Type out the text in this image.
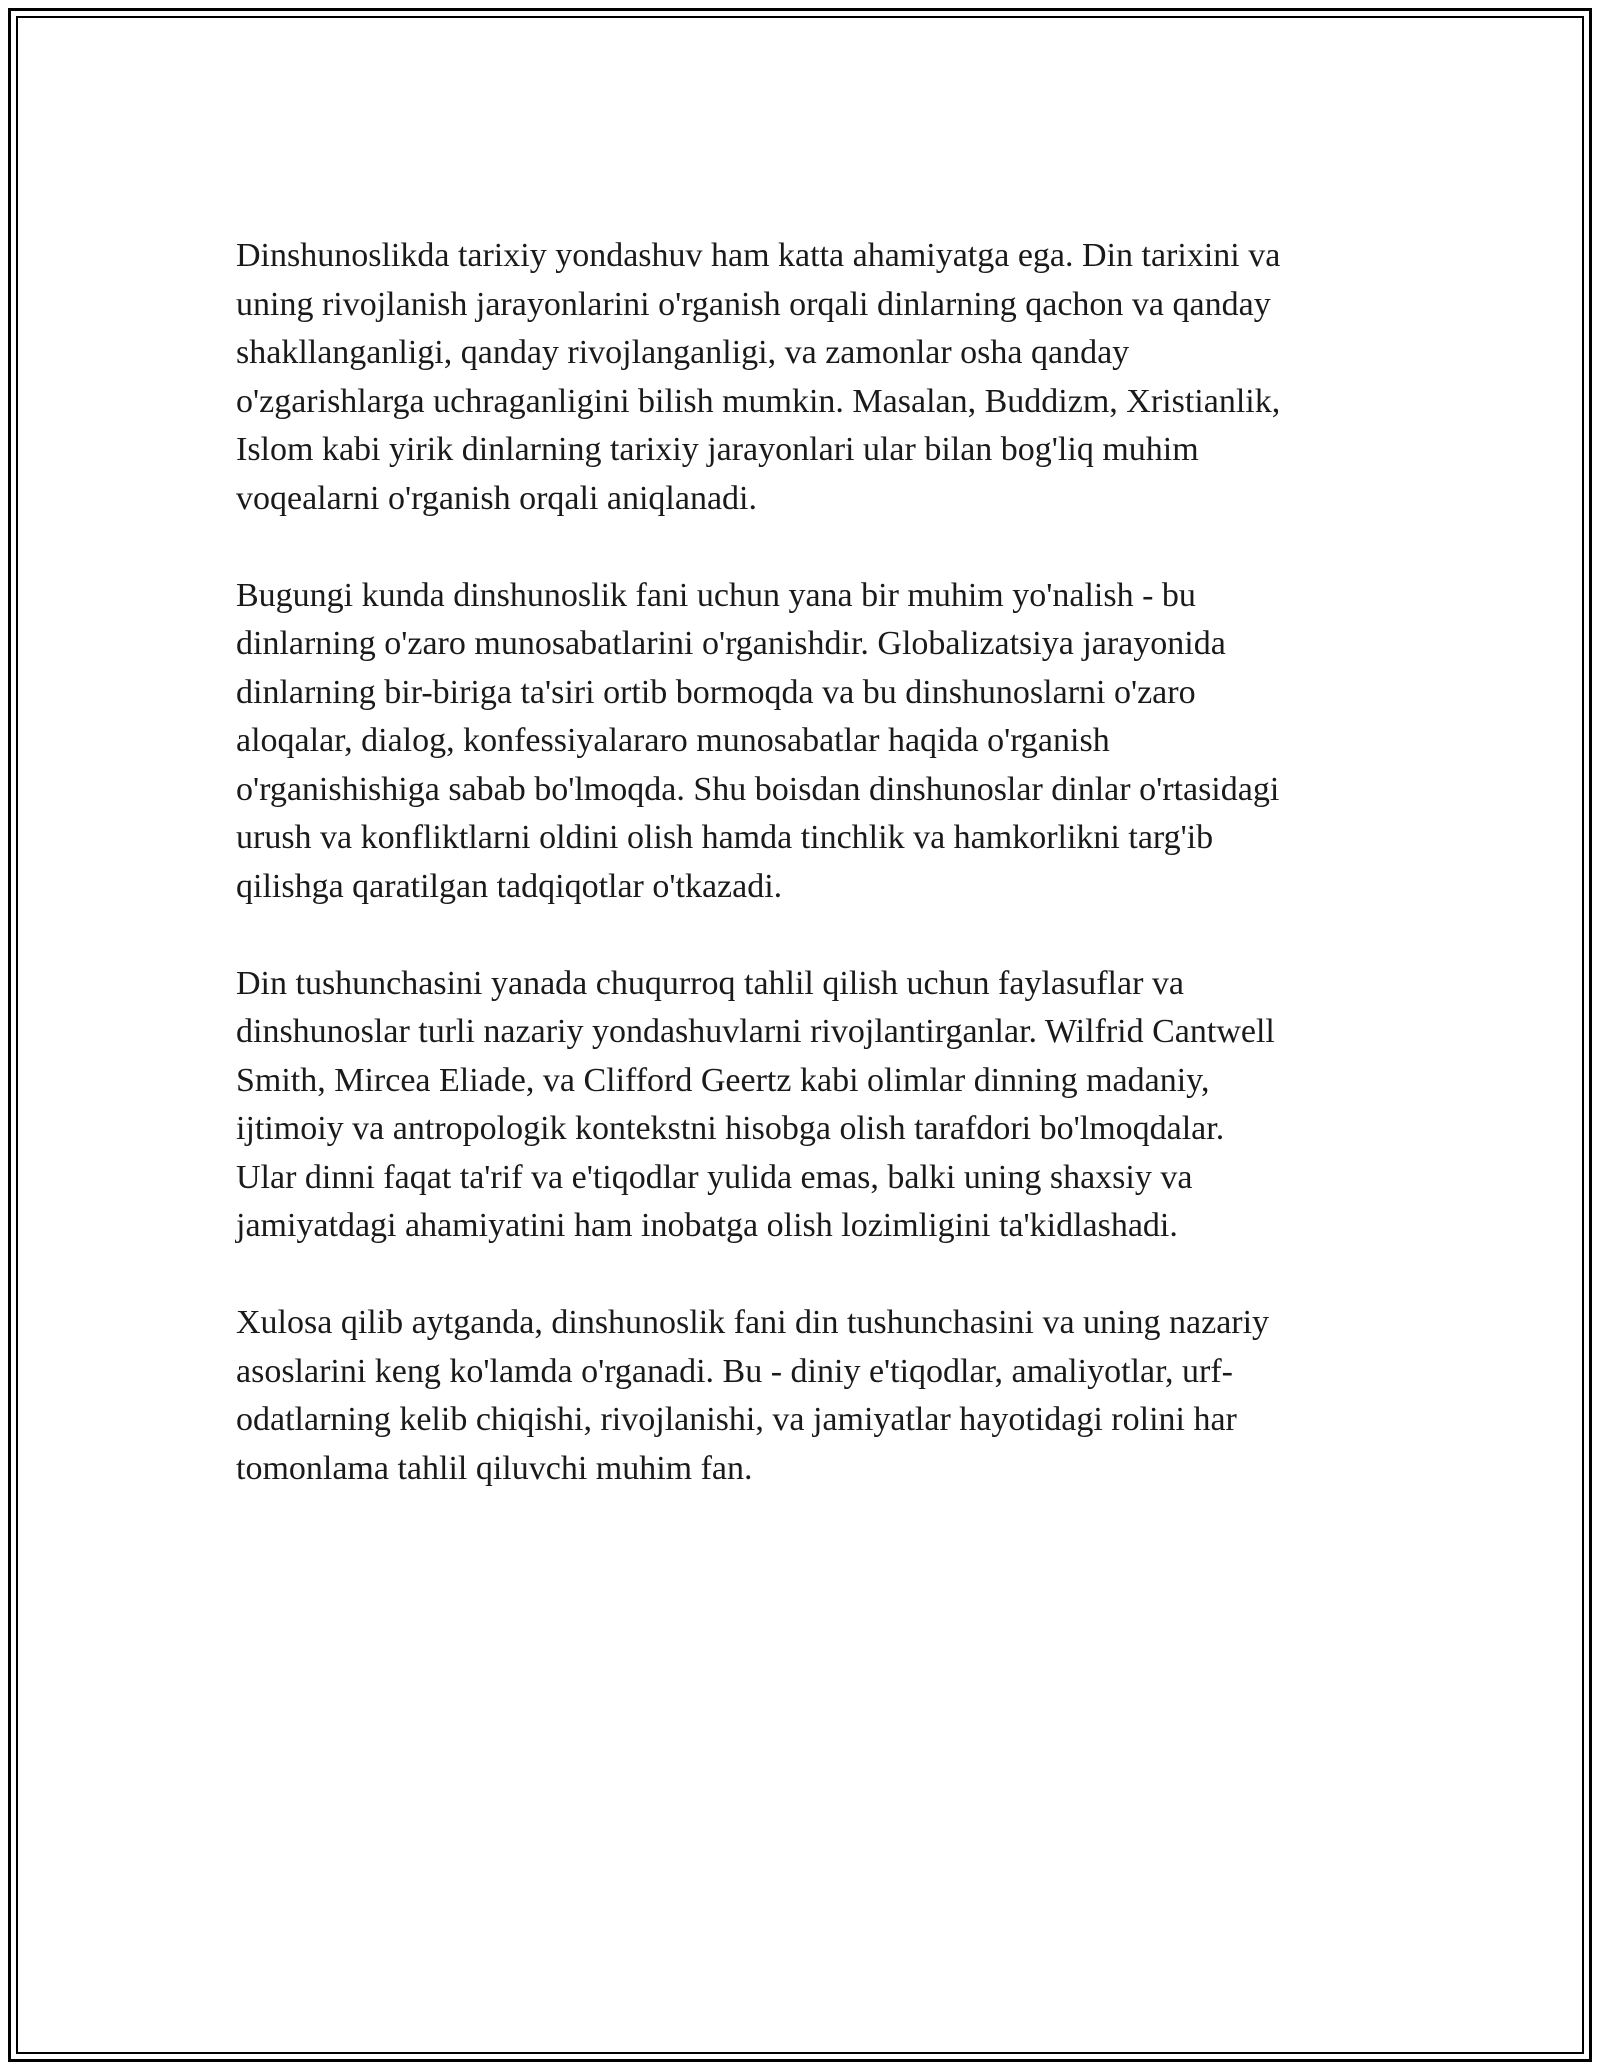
Dinshunoslikda tarixiy yondashuv ham katta ahamiyatga ega. Din tarixini va
uning rivojlanish jarayonlarini o'rganish orqali dinlarning qachon va qanday
shakllanganligi, qanday rivojlanganligi, va zamonlar osha qanday
o'zgarishlarga uchraganligini bilish mumkin. Masalan, Buddizm, Xristianlik,
Islom kabi yirik dinlarning tarixiy jarayonlari ular bilan bog'liq muhim
voqealarni o'rganish orqali aniqlanadi.

Bugungi kunda dinshunoslik fani uchun yana bir muhim yo'nalish - bu
dinlarning o'zaro munosabatlarini o'rganishdir. Globalizatsiya jarayonida
dinlarning bir-biriga ta'siri ortib bormoqda va bu dinshunoslarni o'zaro
aloqalar, dialog, konfessiyalararo munosabatlar haqida o'rganish
o'rganishishiga sabab bo'lmoqda. Shu boisdan dinshunoslar dinlar o'rtasidagi
urush va konfliktlarni oldini olish hamda tinchlik va hamkorlikni targ'ib
qilishga qaratilgan tadqiqotlar o'tkazadi.

Din tushunchasini yanada chuqurroq tahlil qilish uchun faylasuflar va
dinshunoslar turli nazariy yondashuvlarni rivojlantirganlar. Wilfrid Cantwell
Smith, Mircea Eliade, va Clifford Geertz kabi olimlar dinning madaniy,
ijtimoiy va antropologik kontekstni hisobga olish tarafdori bo'lmoqdalar.
Ular dinni faqat ta'rif va e'tiqodlar yulida emas, balki uning shaxsiy va
jamiyatdagi ahamiyatini ham inobatga olish lozimligini ta'kidlashadi.

Xulosa qilib aytganda, dinshunoslik fani din tushunchasini va uning nazariy
asoslarini keng ko'lamda o'rganadi. Bu - diniy e'tiqodlar, amaliyotlar, urf-
odatlarning kelib chiqishi, rivojlanishi, va jamiyatlar hayotidagi rolini har
tomonlama tahlil qiluvchi muhim fan.
